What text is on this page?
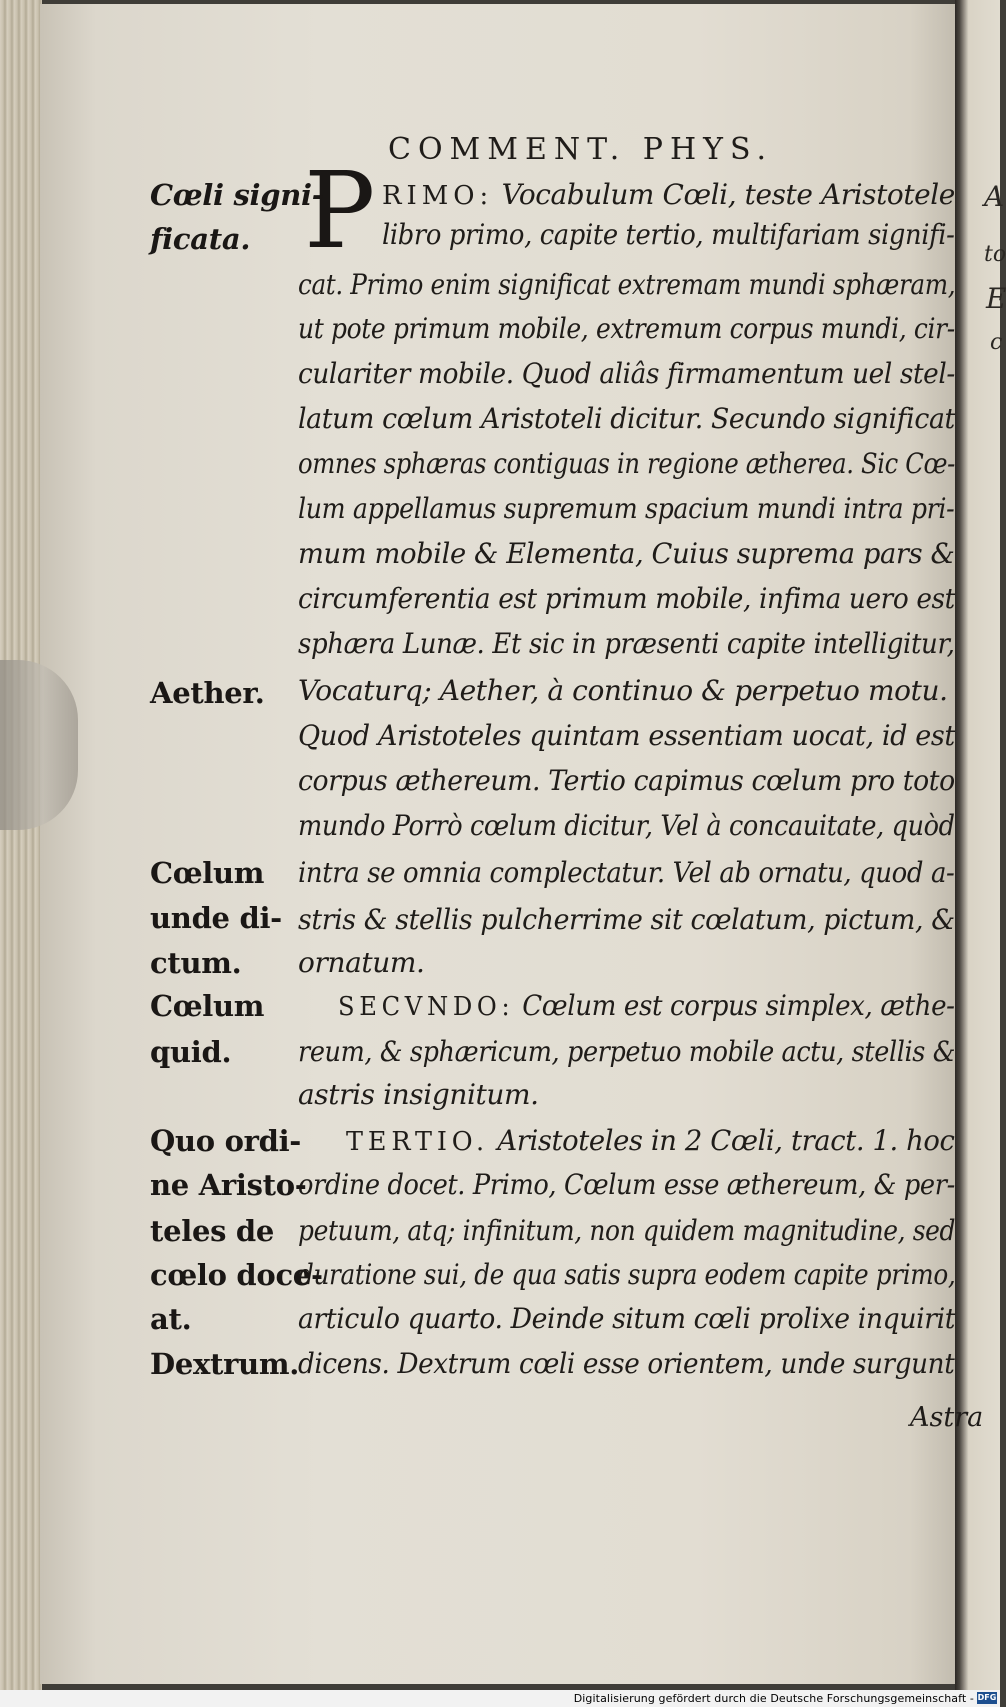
A
to
E
c
COMMENT. PHYS.
P RIMO: Vocabulum Cœli, teste Aristotele
libro primo, capite tertio, multifariam signifi-
cat. Primo enim significat extremam mundi sphæram,
ut pote primum mobile, extremum corpus mundi, cir-
culariter mobile. Quod aliâs firmamentum uel stel-
latum cœlum Aristoteli dicitur. Secundo significat
omnes sphæras contiguas in regione ætherea. Sic Cœ-
lum appellamus supremum spacium mundi intra pri-
mum mobile & Elementa, Cuius suprema pars &
circumferentia est primum mobile, infima uero est
sphæra Lunæ. Et sic in præsenti capite intelligitur,
Vocaturq; Aether, à continuo & perpetuo motu.
Quod Aristoteles quintam essentiam uocat, id est
corpus æthereum. Tertio capimus cœlum pro toto
mundo Porrò cœlum dicitur, Vel à concauitate, quòd
intra se omnia complectatur. Vel ab ornatu, quod a-
stris & stellis pulcherrime sit cœlatum, pictum, &
ornatum.
SECVNDO: Cœlum est corpus simplex, æthe-
reum, & sphæricum, perpetuo mobile actu, stellis &
astris insignitum.
TERTIO. Aristoteles in 2 Cœli, tract. 1. hoc
ordine docet. Primo, Cœlum esse æthereum, & per-
petuum, atq; infinitum, non quidem magnitudine, sed
duratione sui, de qua satis supra eodem capite primo,
articulo quarto. Deinde situm cœli prolixe inquirit
dicens. Dextrum cœli esse orientem, unde surgunt
Astra
Cœli signi-
ficata.
Aether.
Cœlum
unde di-
ctum.
Cœlum
quid.
Quo ordi-
ne Aristo-
teles de
cœlo doce-
at.
Dextrum.
Digitalisierung gefördert durch die Deutsche Forschungsgemeinschaft - DFG
